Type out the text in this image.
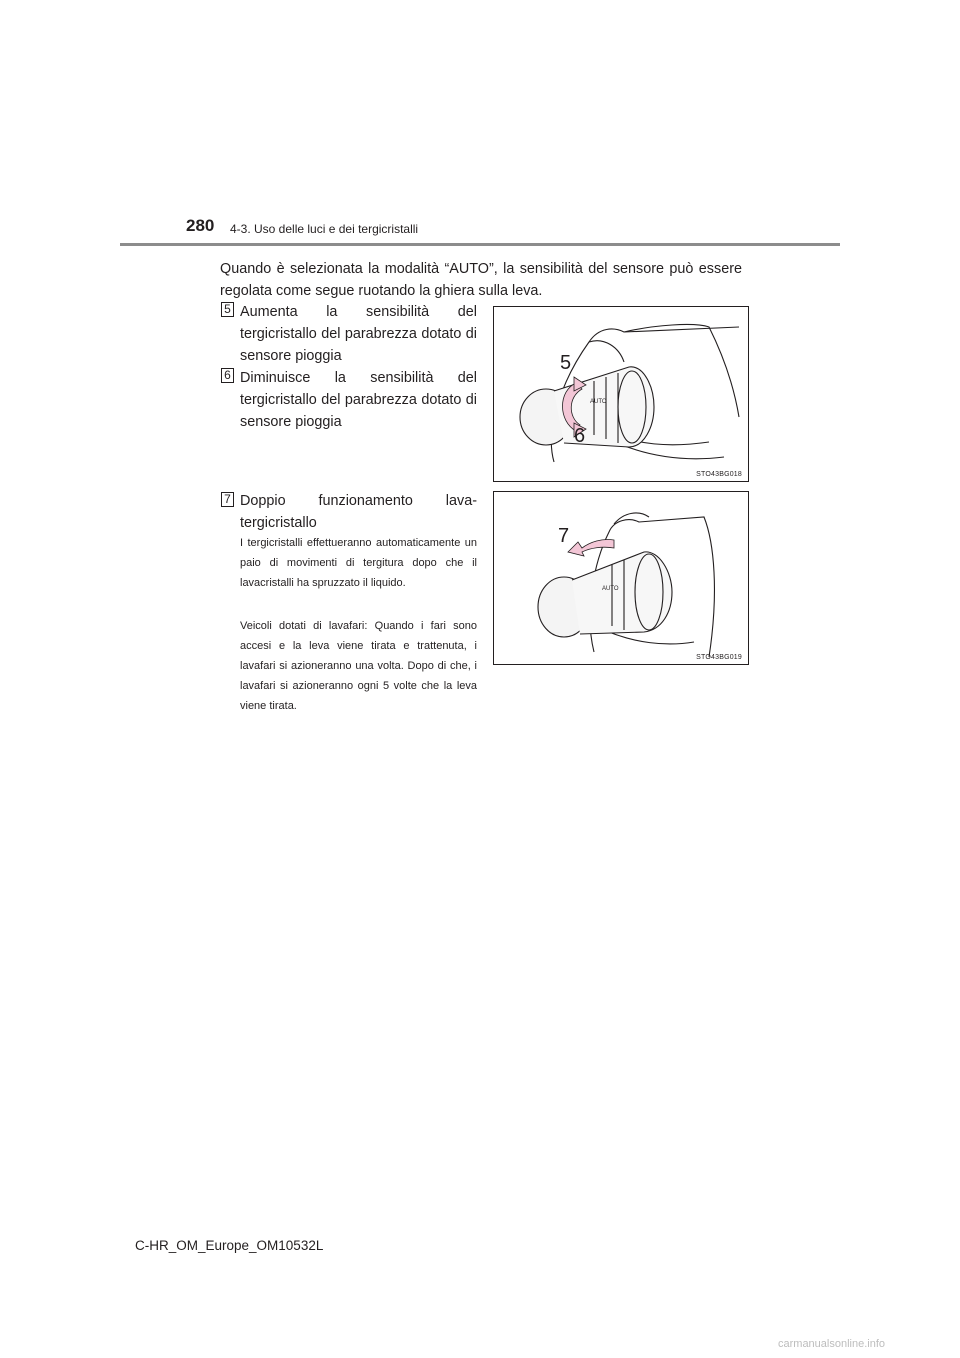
280 4-3. Uso delle luci e dei tergicristalli

Quando è selezionata la modalità “AUTO”, la sensibilità del sensore può essere regolata come segue ruotando la ghiera sulla leva.

5 Aumenta la sensibilità del tergicristallo del parabrezza dotato di sensore pioggia

6 Diminuisce la sensibilità del tergicristallo del parabrezza dotato di sensore pioggia

7 Doppio funzionamento lava-tergicristallo

I tergicristalli effettueranno automaticamente un paio di movimenti di tergitura dopo che il lavacristalli ha spruzzato il liquido.

Veicoli dotati di lavafari: Quando i fari sono accesi e la leva viene tirata e trattenuta, i lavafari si azioneranno una volta. Dopo di che, i lavafari si azioneranno ogni 5 volte che la leva viene tirata.

AUTO
5
6
STO43BG018
AUTO
7
STO43BG019
C-HR_OM_Europe_OM10532L
carmanualsonline.info
